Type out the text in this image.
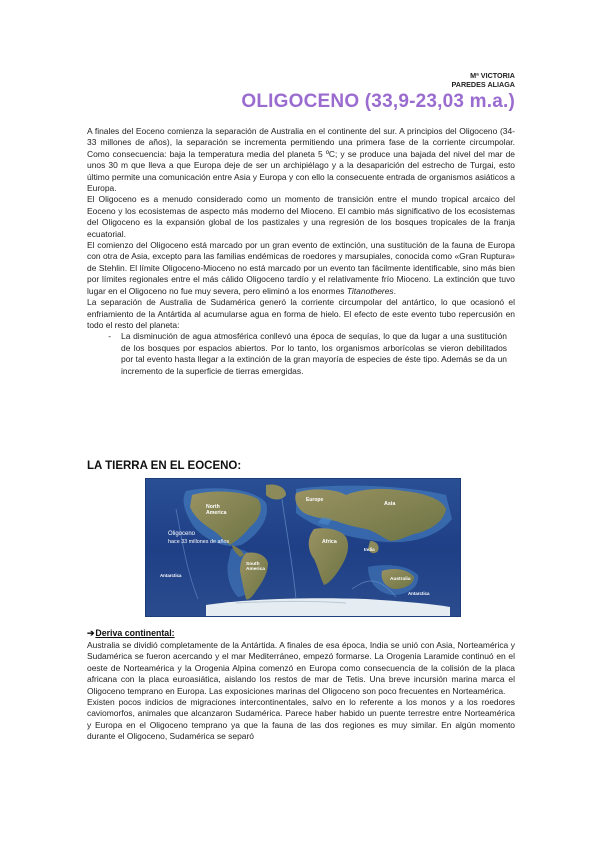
Mª VICTORIA
PAREDES ALIAGA
OLIGOCENO (33,9-23,03 m.a.)

A finales del Eoceno comienza la separación de Australia en el continente del sur. A principios del Oligoceno (34-33 millones de años), la separación se incrementa permitiendo una primera fase de la corriente circumpolar. Como consecuencia: baja la temperatura media del planeta 5 ºC; y se produce una bajada del nivel del mar de unos 30 m que lleva a que Europa deje de ser un archipiélago y a la desaparición del estrecho de Turgai, esto último permite una comunicación entre Asia y Europa y con ello la consecuente entrada de organismos asiáticos a Europa.

El Oligoceno es a menudo considerado como un momento de transición entre el mundo tropical arcaico del Eoceno y los ecosistemas de aspecto más moderno del Mioceno. El cambio más significativo de los ecosistemas del Oligoceno es la expansión global de los pastizales y una regresión de los bosques tropicales de la franja ecuatorial.

El comienzo del Oligoceno está marcado por un gran evento de extinción, una sustitución de la fauna de Europa con otra de Asia, excepto para las familias endémicas de roedores y marsupiales, conocida como «Gran Ruptura» de Stehlin. El límite Oligoceno-Mioceno no está marcado por un evento tan fácilmente identificable, sino más bien por límites regionales entre el más cálido Oligoceno tardío y el relativamente frío Mioceno. La extinción que tuvo lugar en el Oligoceno no fue muy severa, pero eliminó a los enormes Titanotheres.

La separación de Australia de Sudamérica generó la corriente circumpolar del antártico, lo que ocasionó el enfriamiento de la Antártida al acumularse agua en forma de hielo. El efecto de este evento tubo repercusión en todo el resto del planeta:

-	La disminución de agua atmosférica conllevó una época de sequías, lo que da lugar a una sustitución de los bosques por espacios abiertos. Por lo tanto, los organismos arborícolas se vieron debilitados por tal evento hasta llegar a la extinción de la gran mayoría de especies de éste tipo. Además se da un incremento de la superficie de tierras emergidas.
LA TIERRA EN EL EOCENO:
North
America
Europe
Asia
Africa
South
America
India
Australia
Antarctica
Antarctica
Oligoceno
hace 33 millones de años
➔Deriva continental:

Australia se dividió completamente de la Antártida. A finales de esa época, India se unió con Asia, Norteamérica y Sudamérica se fueron acercando y el mar Mediterráneo, empezó formarse. La Orogenia Laramide continuó en el oeste de Norteamérica y la Orogenia Alpina comenzó en Europa como consecuencia de la colisión de la placa africana con la placa euroasiática, aislando los restos de mar de Tetis. Una breve incursión marina marca el Oligoceno temprano en Europa. Las exposiciones marinas del Oligoceno son poco frecuentes en Norteamérica.

Existen pocos indicios de migraciones intercontinentales, salvo en lo referente a los monos y a los roedores caviomorfos, animales que alcanzaron Sudamérica. Parece haber habido un puente terrestre entre Norteamérica y Europa en el Oligoceno temprano ya que la fauna de las dos regiones es muy similar. En algún momento durante el Oligoceno, Sudamérica se separó
